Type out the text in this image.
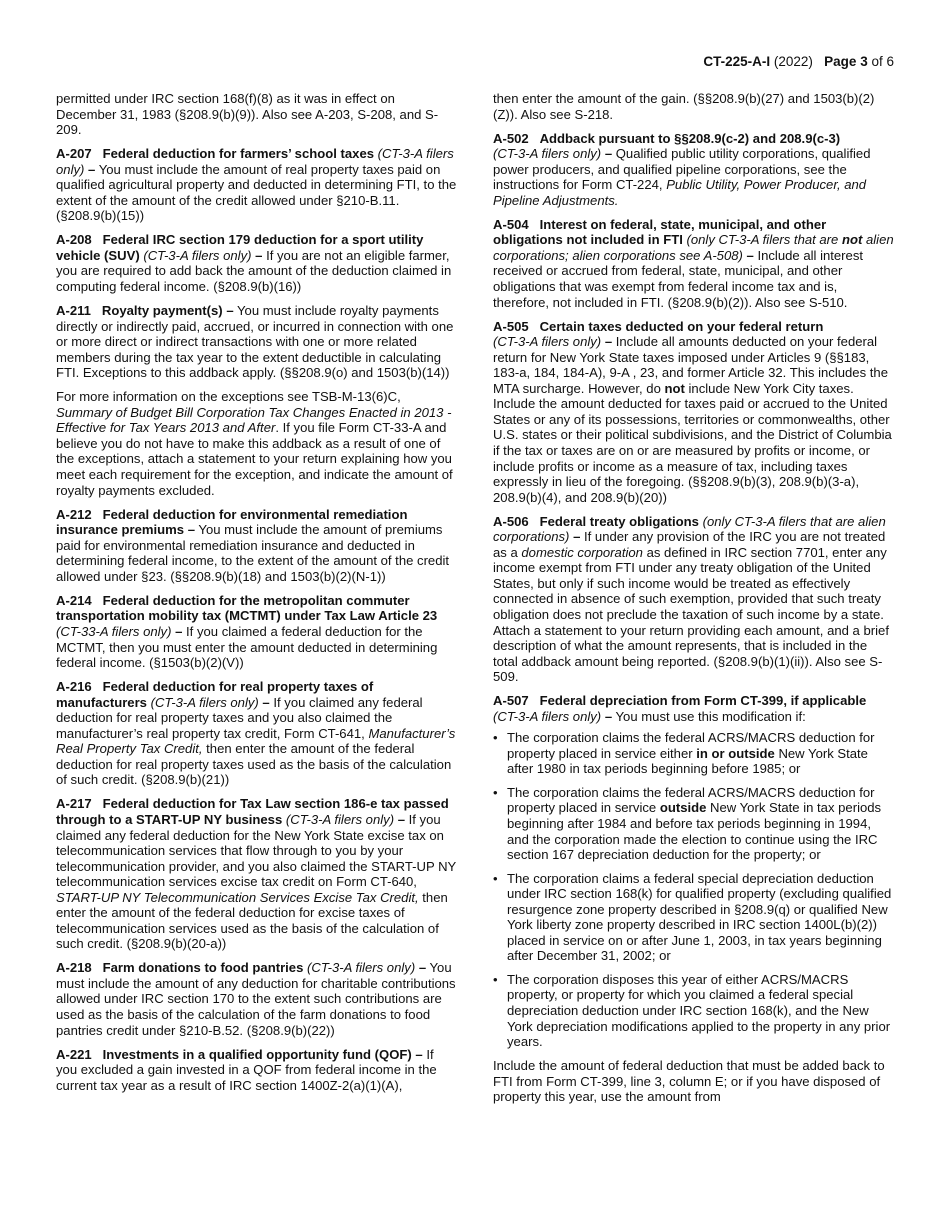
CT-225-A-I (2022) Page 3 of 6

permitted under IRC section 168(f)(8) as it was in effect on December 31, 1983 (§208.9(b)(9)). Also see A-203, S-208, and S-209.

A-207 Federal deduction for farmers’ school taxes (CT-3-A filers only) – You must include the amount of real property taxes paid on qualified agricultural property and deducted in determining FTI, to the extent of the amount of the credit allowed under §210-B.11. (§208.9(b)(15))

A-208 Federal IRC section 179 deduction for a sport utility vehicle (SUV) (CT-3-A filers only) – If you are not an eligible farmer, you are required to add back the amount of the deduction claimed in computing federal income. (§208.9(b)(16))

A-211 Royalty payment(s) – You must include royalty payments directly or indirectly paid, accrued, or incurred in connection with one or more direct or indirect transactions with one or more related members during the tax year to the extent deductible in calculating FTI. Exceptions to this addback apply. (§§208.9(o) and 1503(b)(14))

For more information on the exceptions see TSB-M-13(6)C, Summary of Budget Bill Corporation Tax Changes Enacted in 2013 - Effective for Tax Years 2013 and After. If you file Form CT-33-A and believe you do not have to make this addback as a result of one of the exceptions, attach a statement to your return explaining how you meet each requirement for the exception, and indicate the amount of royalty payments excluded.

A-212 Federal deduction for environmental remediation insurance premiums – You must include the amount of premiums paid for environmental remediation insurance and deducted in determining federal income, to the extent of the amount of the credit allowed under §23. (§§208.9(b)(18) and 1503(b)(2)(N-1))

A-214 Federal deduction for the metropolitan commuter transportation mobility tax (MCTMT) under Tax Law Article 23 (CT-33-A filers only) – If you claimed a federal deduction for the MCTMT, then you must enter the amount deducted in determining federal income. (§1503(b)(2)(V))

A-216 Federal deduction for real property taxes of manufacturers (CT-3-A filers only) – If you claimed any federal deduction for real property taxes and you also claimed the manufacturer’s real property tax credit, Form CT-641, Manufacturer’s Real Property Tax Credit, then enter the amount of the federal deduction for real property taxes used as the basis of the calculation of such credit. (§208.9(b)(21))

A-217 Federal deduction for Tax Law section 186-e tax passed through to a START-UP NY business (CT-3-A filers only) – If you claimed any federal deduction for the New York State excise tax on telecommunication services that flow through to you by your telecommunication provider, and you also claimed the START-UP NY telecommunication services excise tax credit on Form CT-640, START-UP NY Telecommunication Services Excise Tax Credit, then enter the amount of the federal deduction for excise taxes of telecommunication services used as the basis of the calculation of such credit. (§208.9(b)(20-a))

A-218 Farm donations to food pantries (CT-3-A filers only) – You must include the amount of any deduction for charitable contributions allowed under IRC section 170 to the extent such contributions are used as the basis of the calculation of the farm donations to food pantries credit under §210-B.52. (§208.9(b)(22))

A-221 Investments in a qualified opportunity fund (QOF) – If you excluded a gain invested in a QOF from federal income in the current tax year as a result of IRC section 1400Z-2(a)(1)(A),

then enter the amount of the gain. (§§208.9(b)(27) and 1503(b)(2)(Z)). Also see S-218.

A-502 Addback pursuant to §§208.9(c-2) and 208.9(c-3)
(CT-3-A filers only) – Qualified public utility corporations, qualified power producers, and qualified pipeline corporations, see the instructions for Form CT-224, Public Utility, Power Producer, and Pipeline Adjustments.

A-504 Interest on federal, state, municipal, and other obligations not included in FTI (only CT-3-A filers that are not alien corporations; alien corporations see A-508) – Include all interest received or accrued from federal, state, municipal, and other obligations that was exempt from federal income tax and is, therefore, not included in FTI. (§208.9(b)(2)). Also see S-510.

A-505 Certain taxes deducted on your federal return
(CT-3-A filers only) – Include all amounts deducted on your federal return for New York State taxes imposed under Articles 9 (§§183, 183-a, 184, 184-A), 9-A , 23, and former Article 32. This includes the MTA surcharge. However, do not include New York City taxes. Include the amount deducted for taxes paid or accrued to the United States or any of its possessions, territories or commonwealths, other U.S. states or their political subdivisions, and the District of Columbia if the tax or taxes are on or are measured by profits or income, or include profits or income as a measure of tax, including taxes expressly in lieu of the foregoing. (§§208.9(b)(3), 208.9(b)(3-a), 208.9(b)(4), and 208.9(b)(20))

A-506 Federal treaty obligations (only CT-3-A filers that are alien corporations) – If under any provision of the IRC you are not treated as a domestic corporation as defined in IRC section 7701, enter any income exempt from FTI under any treaty obligation of the United States, but only if such income would be treated as effectively connected in absence of such exemption, provided that such treaty obligation does not preclude the taxation of such income by a state. Attach a statement to your return providing each amount, and a brief description of what the amount represents, that is included in the total addback amount being reported. (§208.9(b)(1)(ii)). Also see S-509.

A-507 Federal depreciation from Form CT-399, if applicable
(CT-3-A filers only) – You must use this modification if:

• The corporation claims the federal ACRS/MACRS deduction for property placed in service either in or outside New York State after 1980 in tax periods beginning before 1985; or
• The corporation claims the federal ACRS/MACRS deduction for property placed in service outside New York State in tax periods beginning after 1984 and before tax periods beginning in 1994, and the corporation made the election to continue using the IRC section 167 depreciation deduction for the property; or
• The corporation claims a federal special depreciation deduction under IRC section 168(k) for qualified property (excluding qualified resurgence zone property described in §208.9(q) or qualified New York liberty zone property described in IRC section 1400L(b)(2)) placed in service on or after June 1, 2003, in tax years beginning after December 31, 2002; or
• The corporation disposes this year of either ACRS/MACRS property, or property for which you claimed a federal special depreciation deduction under IRC section 168(k), and the New York depreciation modifications applied to the property in any prior years.

Include the amount of federal deduction that must be added back to FTI from Form CT-399, line 3, column E; or if you have disposed of property this year, use the amount from
